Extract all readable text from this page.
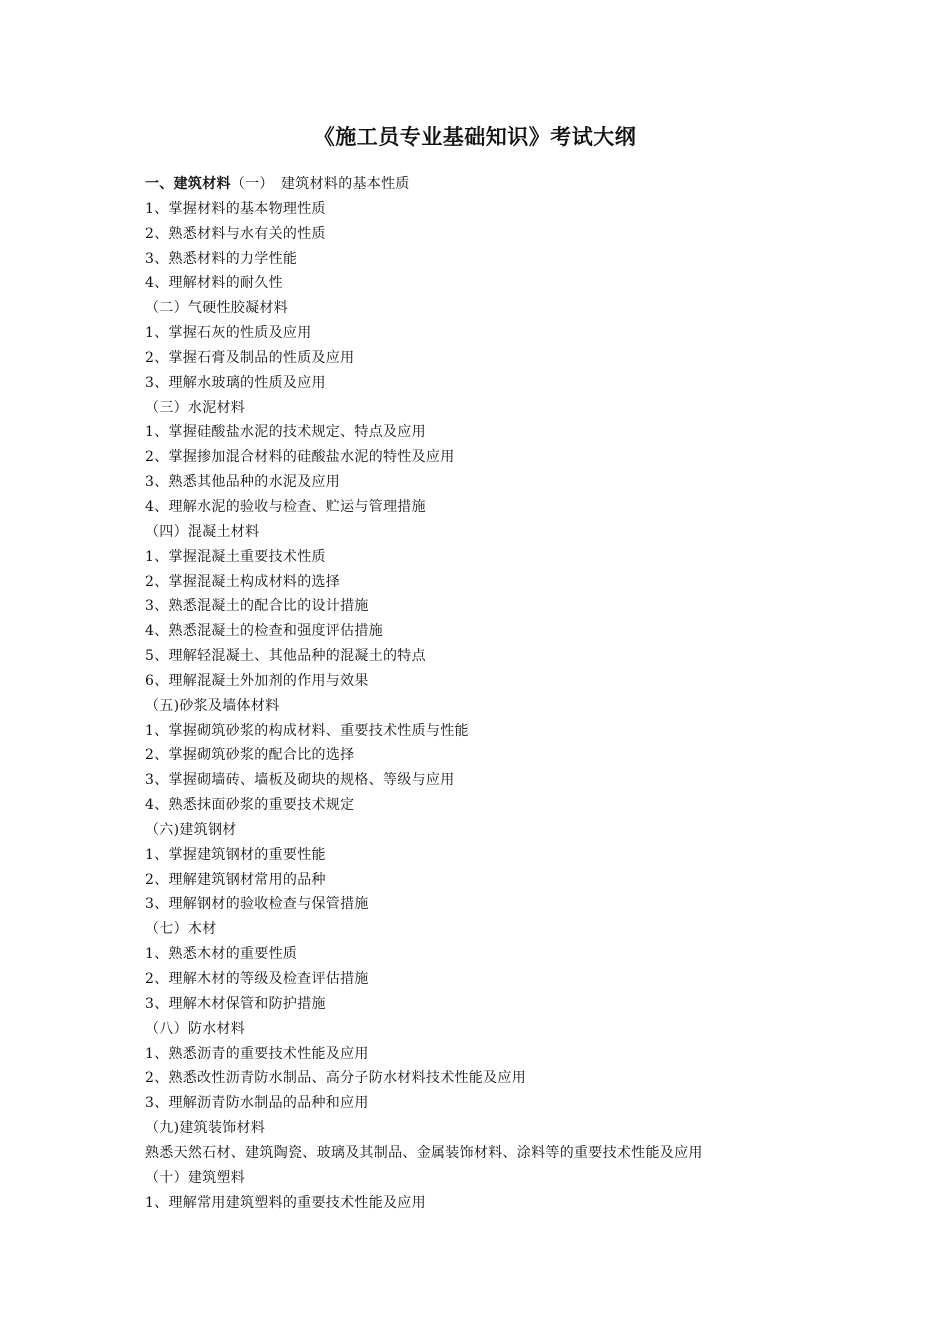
《施工员专业基础知识》考试大纲
一、建筑材料（一）　建筑材料的基本性质
1、掌握材料的基本物理性质
2、熟悉材料与水有关的性质
3、熟悉材料的力学性能
4、理解材料的耐久性
（二）气硬性胶凝材料
1、掌握石灰的性质及应用
2、掌握石膏及制品的性质及应用
3、理解水玻璃的性质及应用
（三）水泥材料
1、掌握硅酸盐水泥的技术规定、特点及应用
2、掌握掺加混合材料的硅酸盐水泥的特性及应用
3、熟悉其他品种的水泥及应用
4、理解水泥的验收与检查、贮运与管理措施
（四）混凝土材料
1、掌握混凝土重要技术性质
2、掌握混凝土构成材料的选择
3、熟悉混凝土的配合比的设计措施
4、熟悉混凝土的检查和强度评估措施
5、理解轻混凝土、其他品种的混凝土的特点
6、理解混凝土外加剂的作用与效果
（五)砂浆及墙体材料
1、掌握砌筑砂浆的构成材料、重要技术性质与性能
2、掌握砌筑砂浆的配合比的选择
3、掌握砌墙砖、墙板及砌块的规格、等级与应用
4、熟悉抹面砂浆的重要技术规定
（六)建筑钢材
1、掌握建筑钢材的重要性能
2、理解建筑钢材常用的品种
3、理解钢材的验收检查与保管措施
（七）木材
1、熟悉木材的重要性质
2、理解木材的等级及检查评估措施
3、理解木材保管和防护措施
（八）防水材料
1、熟悉沥青的重要技术性能及应用
2、熟悉改性沥青防水制品、高分子防水材料技术性能及应用
3、理解沥青防水制品的品种和应用
（九)建筑装饰材料
熟悉天然石材、建筑陶瓷、玻璃及其制品、金属装饰材料、涂料等的重要技术性能及应用
（十）建筑塑料
1、理解常用建筑塑料的重要技术性能及应用
